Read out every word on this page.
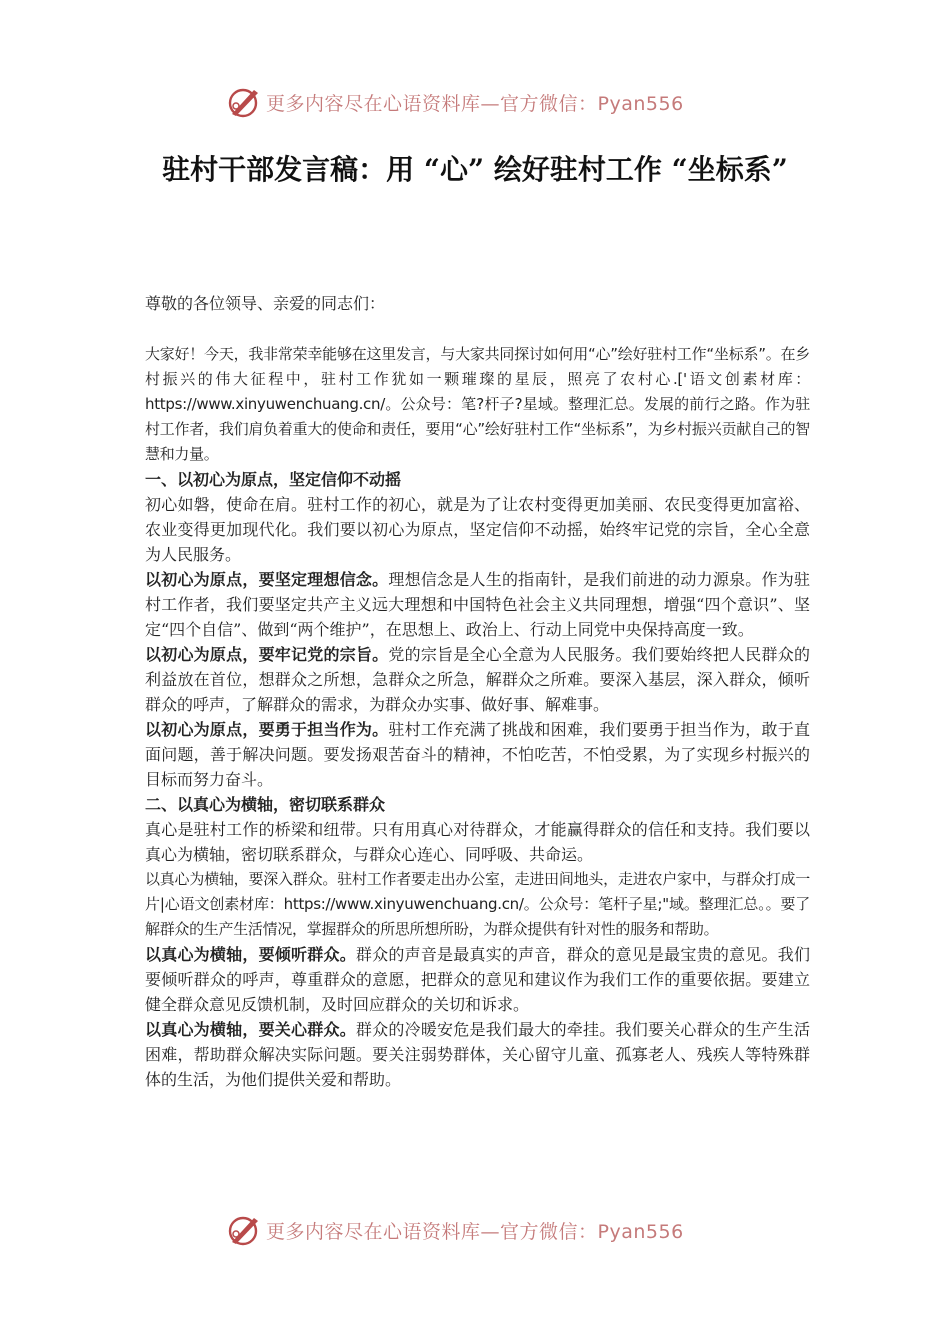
更多内容尽在心语资料库—官方微信：Pyan556
驻村干部发言稿：用 “心” 绘好驻村工作 “坐标系”
尊敬的各位领导、亲爱的同志们：
大家好！今天，我非常荣幸能够在这里发言，与大家共同探讨如何用“心”绘好驻村工作“坐标系”。在乡村振兴的伟大征程中，驻村工作犹如一颗璀璨的星辰，照亮了农村心.['语文创素材库：https://www.xinyuwenchuang.cn/。公众号：笔?杆子?星域。整理汇总。发展的前行之路。作为驻村工作者，我们肩负着重大的使命和责任，要用“心”绘好驻村工作“坐标系”，为乡村振兴贡献自己的智慧和力量。
一、以初心为原点，坚定信仰不动摇
初心如磐，使命在肩。驻村工作的初心，就是为了让农村变得更加美丽、农民变得更加富裕、农业变得更加现代化。我们要以初心为原点，坚定信仰不动摇，始终牢记党的宗旨，全心全意为人民服务。
以初心为原点，要坚定理想信念。理想信念是人生的指南针，是我们前进的动力源泉。作为驻村工作者，我们要坚定共产主义远大理想和中国特色社会主义共同理想，增强“四个意识”、坚定“四个自信”、做到“两个维护”，在思想上、政治上、行动上同党中央保持高度一致。
以初心为原点，要牢记党的宗旨。党的宗旨是全心全意为人民服务。我们要始终把人民群众的利益放在首位，想群众之所想，急群众之所急，解群众之所难。要深入基层，深入群众，倾听群众的呼声，了解群众的需求，为群众办实事、做好事、解难事。
以初心为原点，要勇于担当作为。驻村工作充满了挑战和困难，我们要勇于担当作为，敢于直面问题，善于解决问题。要发扬艰苦奋斗的精神，不怕吃苦，不怕受累，为了实现乡村振兴的目标而努力奋斗。
二、以真心为横轴，密切联系群众
真心是驻村工作的桥梁和纽带。只有用真心对待群众，才能赢得群众的信任和支持。我们要以真心为横轴，密切联系群众，与群众心连心、同呼吸、共命运。
以真心为横轴，要深入群众。驻村工作者要走出办公室，走进田间地头，走进农户家中，与群众打成一片|心语文创素材库：https://www.xinyuwenchuang.cn/。公众号：笔杆子星;"域。整理汇总。。要了解群众的生产生活情况，掌握群众的所思所想所盼，为群众提供有针对性的服务和帮助。
以真心为横轴，要倾听群众。群众的声音是最真实的声音，群众的意见是最宝贵的意见。我们要倾听群众的呼声，尊重群众的意愿，把群众的意见和建议作为我们工作的重要依据。要建立健全群众意见反馈机制，及时回应群众的关切和诉求。
以真心为横轴，要关心群众。群众的冷暖安危是我们最大的牵挂。我们要关心群众的生产生活困难，帮助群众解决实际问题。要关注弱势群体，关心留守儿童、孤寡老人、残疾人等特殊群体的生活，为他们提供关爱和帮助。
更多内容尽在心语资料库—官方微信：Pyan556
